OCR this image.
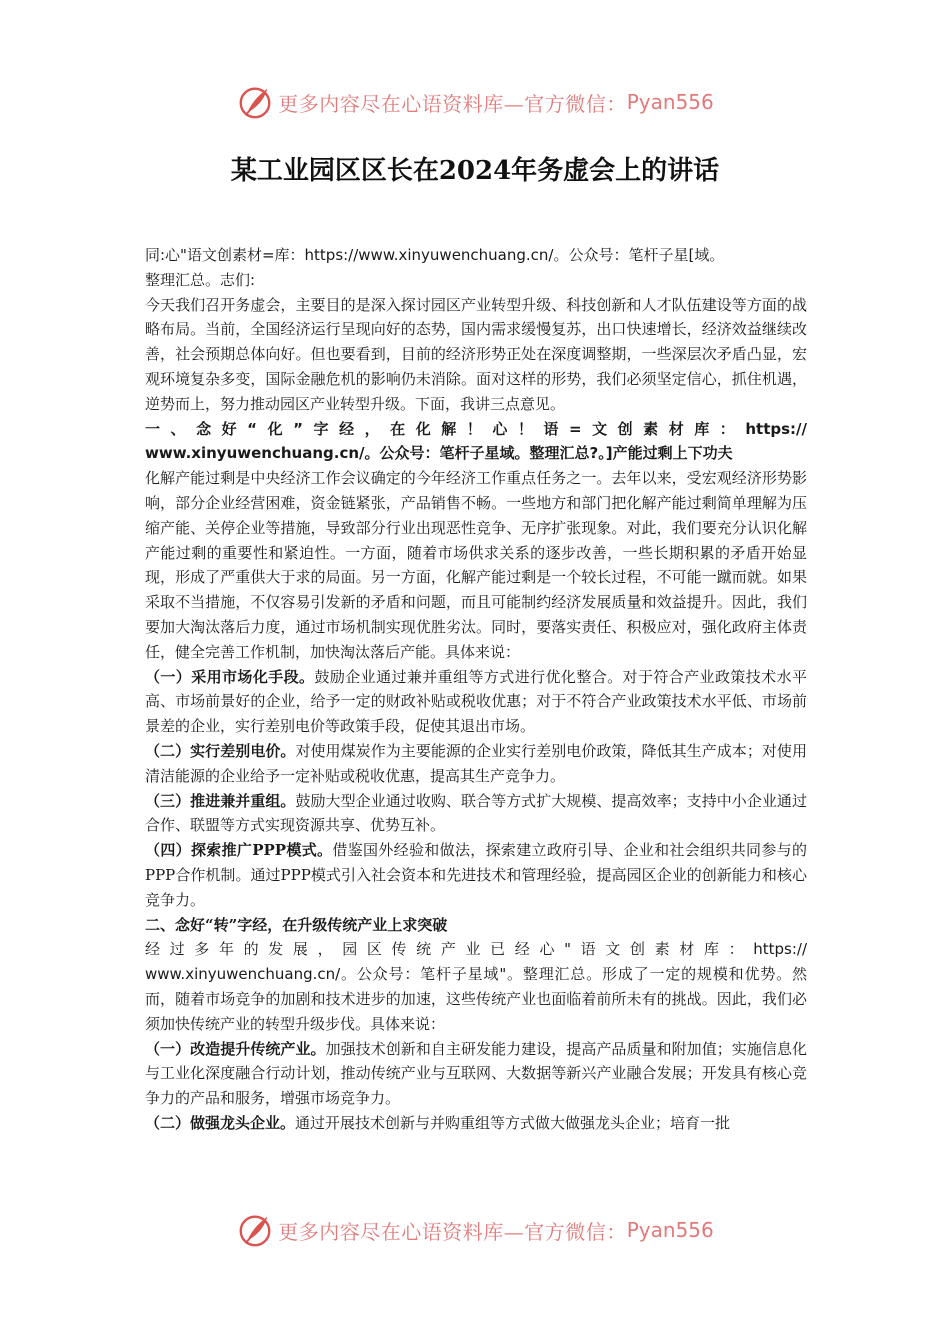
更多内容尽在心语资料库—官方微信： Pyan556
某工业园区区长在2024年务虚会上的讲话
同:心"语文创素材=库：https://www.xinyuwenchuang.cn/。公众号：笔杆子星[域。
整理汇总。志们:

今天我们召开务虚会，主要目的是深入探讨园区产业转型升级、科技创新和人才队伍建设等方面的战略布局。当前，全国经济运行呈现向好的态势，国内需求缓慢复苏，出口快速增长，经济效益继续改善，社会预期总体向好。但也要看到，目前的经济形势正处在深度调整期，一些深层次矛盾凸显，宏观环境复杂多变，国际金融危机的影响仍未消除。面对这样的形势，我们必须坚定信心，抓住机遇，逆势而上，努力推动园区产业转型升级。下面，我讲三点意见。

一、念好“化”字经，在化解！心！语=文创素材库：https://

www.xinyuwenchuang.cn/。公众号：笔杆子星域。整理汇总?。]产能过剩上下功夫

化解产能过剩是中央经济工作会议确定的今年经济工作重点任务之一。去年以来，受宏观经济形势影响，部分企业经营困难，资金链紧张，产品销售不畅。一些地方和部门把化解产能过剩简单理解为压缩产能、关停企业等措施，导致部分行业出现恶性竞争、无序扩张现象。对此，我们要充分认识化解产能过剩的重要性和紧迫性。一方面，随着市场供求关系的逐步改善，一些长期积累的矛盾开始显现，形成了严重供大于求的局面。另一方面，化解产能过剩是一个较长过程，不可能一蹴而就。如果采取不当措施，不仅容易引发新的矛盾和问题，而且可能制约经济发展质量和效益提升。因此，我们要加大淘汰落后力度，通过市场机制实现优胜劣汰。同时，要落实责任、积极应对，强化政府主体责任，健全完善工作机制，加快淘汰落后产能。具体来说：

（一）采用市场化手段。鼓励企业通过兼并重组等方式进行优化整合。对于符合产业政策技术水平高、市场前景好的企业，给予一定的财政补贴或税收优惠；对于不符合产业政策技术水平低、市场前景差的企业，实行差别电价等政策手段，促使其退出市场。

（二）实行差别电价。对使用煤炭作为主要能源的企业实行差别电价政策，降低其生产成本；对使用清洁能源的企业给予一定补贴或税收优惠，提高其生产竞争力。

（三）推进兼并重组。鼓励大型企业通过收购、联合等方式扩大规模、提高效率；支持中小企业通过合作、联盟等方式实现资源共享、优势互补。

（四）探索推广PPP模式。借鉴国外经验和做法，探索建立政府引导、企业和社会组织共同参与的PPP合作机制。通过PPP模式引入社会资本和先进技术和管理经验，提高园区企业的创新能力和核心竞争力。

二、念好“转”字经，在升级传统产业上求突破

经过多年的发展，园区传统产业已经心"语文创素材库：https://

www.xinyuwenchuang.cn/。公众号：笔杆子星域"。整理汇总。形成了一定的规模和优势。然而，随着市场竞争的加剧和技术进步的加速，这些传统产业也面临着前所未有的挑战。因此，我们必须加快传统产业的转型升级步伐。具体来说：

（一）改造提升传统产业。加强技术创新和自主研发能力建设，提高产品质量和附加值；实施信息化与工业化深度融合行动计划，推动传统产业与互联网、大数据等新兴产业融合发展；开发具有核心竞争力的产品和服务，增强市场竞争力。

（二）做强龙头企业。通过开展技术创新与并购重组等方式做大做强龙头企业；培育一批

更多内容尽在心语资料库—官方微信： Pyan556
